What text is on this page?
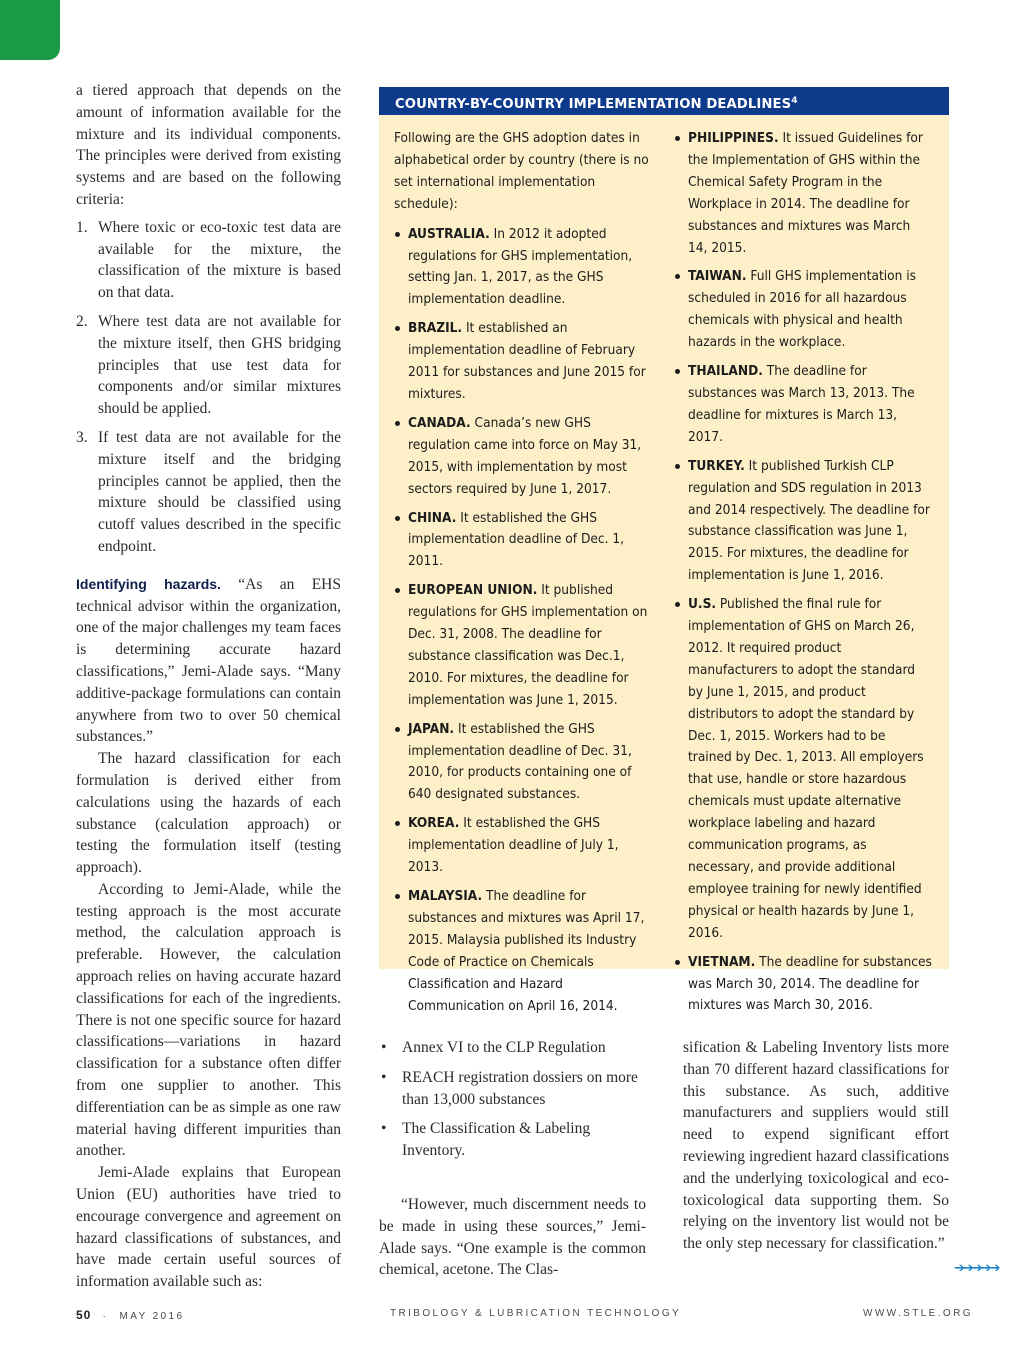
a tiered approach that depends on the amount of information available for the mixture and its individual components. The principles were derived from existing systems and are based on the following criteria:

1. Where toxic or eco-toxic test data are available for the mixture, the classification of the mixture is based on that data.
2. Where test data are not available for the mixture itself, then GHS bridging principles that use test data for components and/or similar mixtures should be applied.
3. If test data are not available for the mixture itself and the bridging principles cannot be applied, then the mixture should be classified using cutoff values described in the specific endpoint.

Identifying hazards. “As an EHS technical advisor within the organization, one of the major challenges my team faces is determining accurate hazard classifications,” Jemi-Alade says. “Many additive-package formulations can contain anywhere from two to over 50 chemical substances.”

The hazard classification for each formulation is derived either from calculations using the hazards of each substance (calculation approach) or testing the formulation itself (testing approach).

According to Jemi-Alade, while the testing approach is the most accurate method, the calculation approach is preferable. However, the calculation approach relies on having accurate hazard classifications for each of the ingredients. There is not one specific source for hazard classifications—variations in hazard classification for a substance often differ from one supplier to another. This differentiation can be as simple as one raw material having different impurities than another.

Jemi-Alade explains that European Union (EU) authorities have tried to encourage convergence and agreement on hazard classifications of substances, and have made certain useful sources of information available such as:

COUNTRY-BY-COUNTRY IMPLEMENTATION DEADLINES$^4$

Following are the GHS adoption dates in alphabetical order by country (there is no set international implementation schedule):

AUSTRALIA. In 2012 it adopted regulations for GHS implementation, setting Jan. 1, 2017, as the GHS implementation deadline.
BRAZIL. It established an implementation deadline of February 2011 for substances and June 2015 for mixtures.
CANADA. Canada’s new GHS regulation came into force on May 31, 2015, with implementation by most sectors required by June 1, 2017.
CHINA. It established the GHS implementation deadline of Dec. 1, 2011.
EUROPEAN UNION. It published regulations for GHS implementation on Dec. 31, 2008. The deadline for substance classification was Dec.1, 2010. For mixtures, the deadline for implementation was June 1, 2015.
JAPAN. It established the GHS implementation deadline of Dec. 31, 2010, for products containing one of 640 designated substances.
KOREA. It established the GHS implementation deadline of July 1, 2013.
MALAYSIA. The deadline for substances and mixtures was April 17, 2015. Malaysia published its Industry Code of Practice on Chemicals Classification and Hazard Communication on April 16, 2014.
PHILIPPINES. It issued Guidelines for the Implementation of GHS within the Chemical Safety Program in the Workplace in 2014. The deadline for substances and mixtures was March 14, 2015.
TAIWAN. Full GHS implementation is scheduled in 2016 for all hazardous chemicals with physical and health hazards in the workplace.
THAILAND. The deadline for substances was March 13, 2013. The deadline for mixtures is March 13, 2017.
TURKEY. It published Turkish CLP regulation and SDS regulation in 2013 and 2014 respectively. The deadline for substance classification was June 1, 2015. For mixtures, the deadline for implementation is June 1, 2016.
U.S. Published the final rule for implementation of GHS on March 26, 2012. It required product manufacturers to adopt the standard by June 1, 2015, and product distributors to adopt the standard by Dec. 1, 2015. Workers had to be trained by Dec. 1, 2013. All employers that use, handle or store hazardous chemicals must update alternative workplace labeling and hazard communication programs, as necessary, and provide additional employee training for newly identified physical or health hazards by June 1, 2016.
VIETNAM. The deadline for substances was March 30, 2014. The deadline for mixtures was March 30, 2016.
• Annex VI to the CLP Regulation
• REACH registration dossiers on more than 13,000 substances
• The Classification & Labeling Inventory.

“However, much discernment needs to be made in using these sources,” Jemi-Alade says. “One example is the common chemical, acetone. The Clas-

sification & Labeling Inventory lists more than 70 different hazard classifications for this substance. As such, additive manufacturers and suppliers would still need to expend significant effort reviewing ingredient hazard classifications and the underlying toxicological and eco-toxicological data supporting them. So relying on the inventory list would not be the only step necessary for classification.”

➔➔➔➔➔
50 · MAY 2016	TRIBOLOGY & LUBRICATION TECHNOLOGY	WWW.STLE.ORG
